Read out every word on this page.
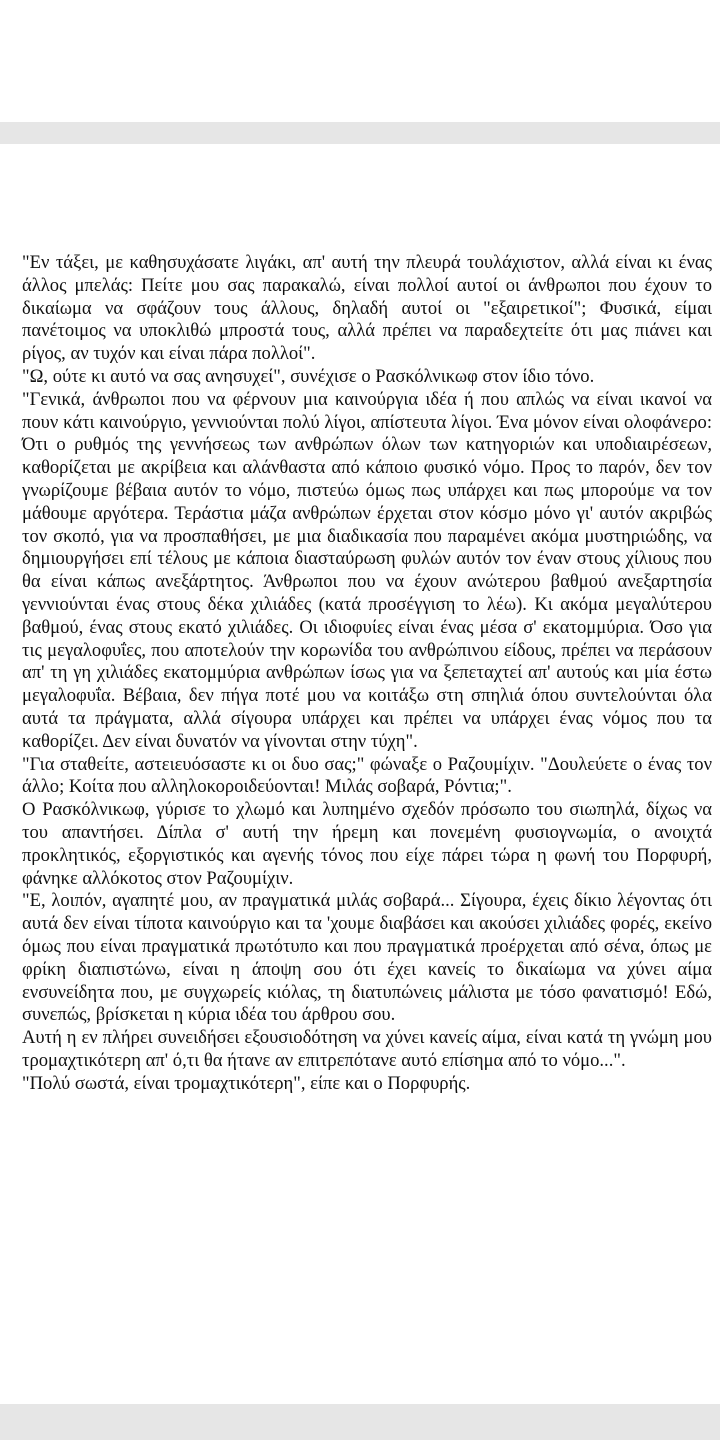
"Εν τάξει, με καθησυχάσατε λιγάκι, απ' αυτή την πλευρά τουλάχιστον, αλλά είναι κι ένας άλλος μπελάς: Πείτε μου σας παρακαλώ, είναι πολλοί αυτοί οι άνθρωποι που έχουν το δικαίωμα να σφάζουν τους άλλους, δηλαδή αυτοί οι "εξαιρετικοί"; Φυσικά, είμαι πανέτοιμος να υποκλιθώ μπροστά τους, αλλά πρέπει να παραδεχτείτε ότι μας πιάνει και ρίγος, αν τυχόν και είναι πάρα πολλοί".

"Ω, ούτε κι αυτό να σας ανησυχεί", συνέχισε ο Ρασκόλνικωφ στον ίδιο τόνο.

"Γενικά, άνθρωποι που να φέρνουν μια καινούργια ιδέα ή που απλώς να είναι ικανοί να πουν κάτι καινούργιο, γεννιούνται πολύ λίγοι, απίστευτα λίγοι. Ένα μόνον είναι ολοφάνερο: Ότι ο ρυθμός της γεννήσεως των ανθρώπων όλων των κατηγοριών και υποδιαιρέσεων, καθορίζεται με ακρίβεια και αλάνθαστα από κάποιο φυσικό νόμο. Προς το παρόν, δεν τον γνωρίζουμε βέβαια αυτόν το νόμο, πιστεύω όμως πως υπάρχει και πως μπορούμε να τον μάθουμε αργότερα. Τεράστια μάζα ανθρώπων έρχεται στον κόσμο μόνο γι' αυτόν ακριβώς τον σκοπό, για να προσπαθήσει, με μια διαδικασία που παραμένει ακόμα μυστηριώδης, να δημιουργήσει επί τέλους με κάποια διασταύρωση φυλών αυτόν τον έναν στους χίλιους που θα είναι κάπως ανεξάρτητος. Άνθρωποι που να έχουν ανώτερου βαθμού ανεξαρτησία γεννιούνται ένας στους δέκα χιλιάδες (κατά προσέγγιση το λέω). Κι ακόμα μεγαλύτερου βαθμού, ένας στους εκατό χιλιάδες. Οι ιδιοφυίες είναι ένας μέσα σ' εκατομμύρια. Όσο για τις μεγαλοφυΐες, που αποτελούν την κορωνίδα του ανθρώπινου είδους, πρέπει να περάσουν απ' τη γη χιλιάδες εκατομμύρια ανθρώπων ίσως για να ξεπεταχτεί απ' αυτούς και μία έστω μεγαλοφυΐα. Βέβαια, δεν πήγα ποτέ μου να κοιτάξω στη σπηλιά όπου συντελούνται όλα αυτά τα πράγματα, αλλά σίγουρα υπάρχει και πρέπει να υπάρχει ένας νόμος που τα καθορίζει. Δεν είναι δυνατόν να γίνονται στην τύχη".

"Για σταθείτε, αστειευόσαστε κι οι δυο σας;" φώναξε ο Ραζουμίχιν. "Δουλεύετε ο ένας τον άλλο; Κοίτα που αλληλοκοροιδεύονται! Μιλάς σοβαρά, Ρόντια;".

Ο Ρασκόλνικωφ, γύρισε το χλωμό και λυπημένο σχεδόν πρόσωπο του σιωπηλά, δίχως να του απαντήσει. Δίπλα σ' αυτή την ήρεμη και πονεμένη φυσιογνωμία, ο ανοιχτά προκλητικός, εξοργιστικός και αγενής τόνος που είχε πάρει τώρα η φωνή του Πορφυρή, φάνηκε αλλόκοτος στον Ραζουμίχιν.

"Ε, λοιπόν, αγαπητέ μου, αν πραγματικά μιλάς σοβαρά... Σίγουρα, έχεις δίκιο λέγοντας ότι αυτά δεν είναι τίποτα καινούργιο και τα 'χουμε διαβάσει και ακούσει χιλιάδες φορές, εκείνο όμως που είναι πραγματικά πρωτότυπο και που πραγματικά προέρχεται από σένα, όπως με φρίκη διαπιστώνω, είναι η άποψη σου ότι έχει κανείς το δικαίωμα να χύνει αίμα ενσυνείδητα που, με συγχωρείς κιόλας, τη διατυπώνεις μάλιστα με τόσο φανατισμό! Εδώ, συνεπώς, βρίσκεται η κύρια ιδέα του άρθρου σου.

Αυτή η εν πλήρει συνειδήσει εξουσιοδότηση να χύνει κανείς αίμα, είναι κατά τη γνώμη μου τρομαχτικότερη απ' ό,τι θα ήτανε αν επιτρεπότανε αυτό επίσημα από το νόμο...".

"Πολύ σωστά, είναι τρομαχτικότερη", είπε και ο Πορφυρής.
